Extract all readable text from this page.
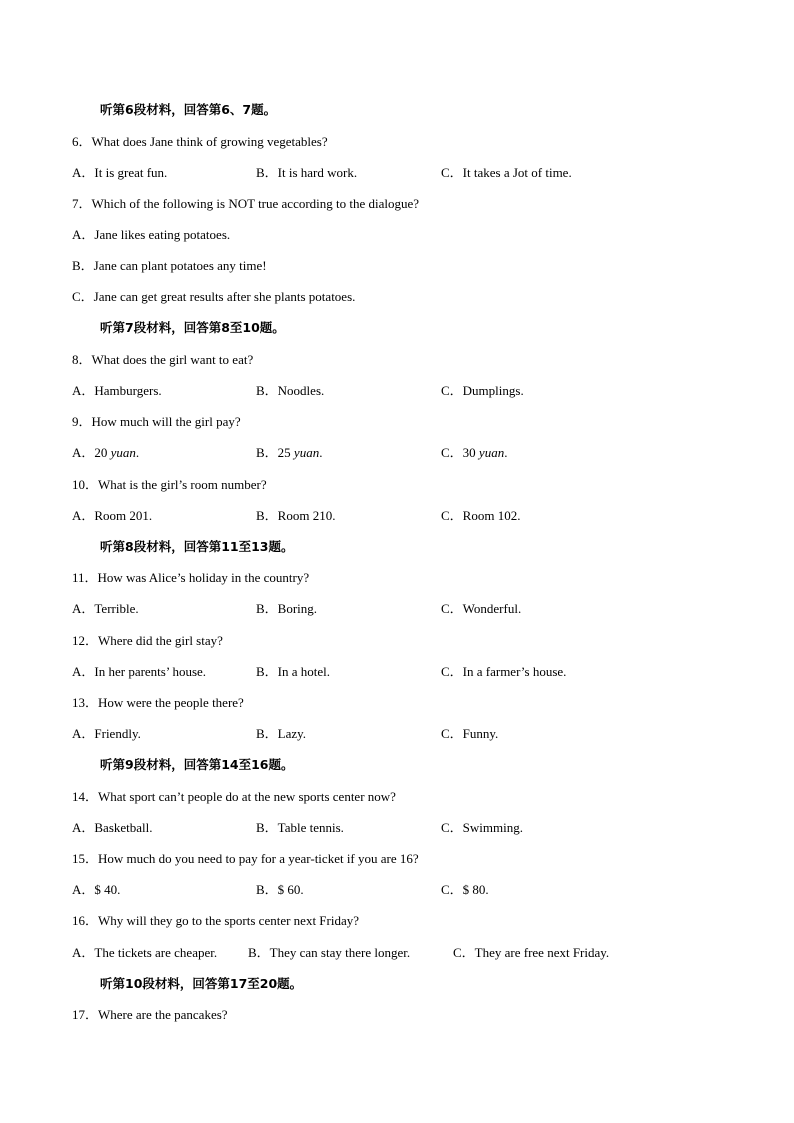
听第6段材料，回答第6、7题。
6．What does Jane think of growing vegetables?
A．It is great fun.	B．It is hard work.	C．It takes a Jot of time.
7．Which of the following is NOT true according to the dialogue?
A．Jane likes eating potatoes.
B．Jane can plant potatoes any time!
C．Jane can get great results after she plants potatoes.
听第7段材料，回答第8至10题。
8．What does the girl want to eat?
A．Hamburgers.	B．Noodles.	C．Dumplings.
9．How much will the girl pay?
A．20 yuan.	B．25 yuan.	C．30 yuan.
10．What is the girl’s room number?
A．Room 201.	B．Room 210.	C．Room 102.
听第8段材料，回答第11至13题。
11．How was Alice’s holiday in the country?
A．Terrible.	B．Boring.	C．Wonderful.
12．Where did the girl stay?
A．In her parents’ house.	B．In a hotel.	C．In a farmer’s house.
13．How were the people there?
A．Friendly.	B．Lazy.	C．Funny.
听第9段材料，回答第14至16题。
14．What sport can’t people do at the new sports center now?
A．Basketball.	B．Table tennis.	C．Swimming.
15．How much do you need to pay for a year-ticket if you are 16?
A．$ 40.	B．$ 60.	C．$ 80.
16．Why will they go to the sports center next Friday?
A．The tickets are cheaper. B．They can stay there longer.	C．They are free next Friday.
听第10段材料，回答第17至20题。
17．Where are the pancakes?
